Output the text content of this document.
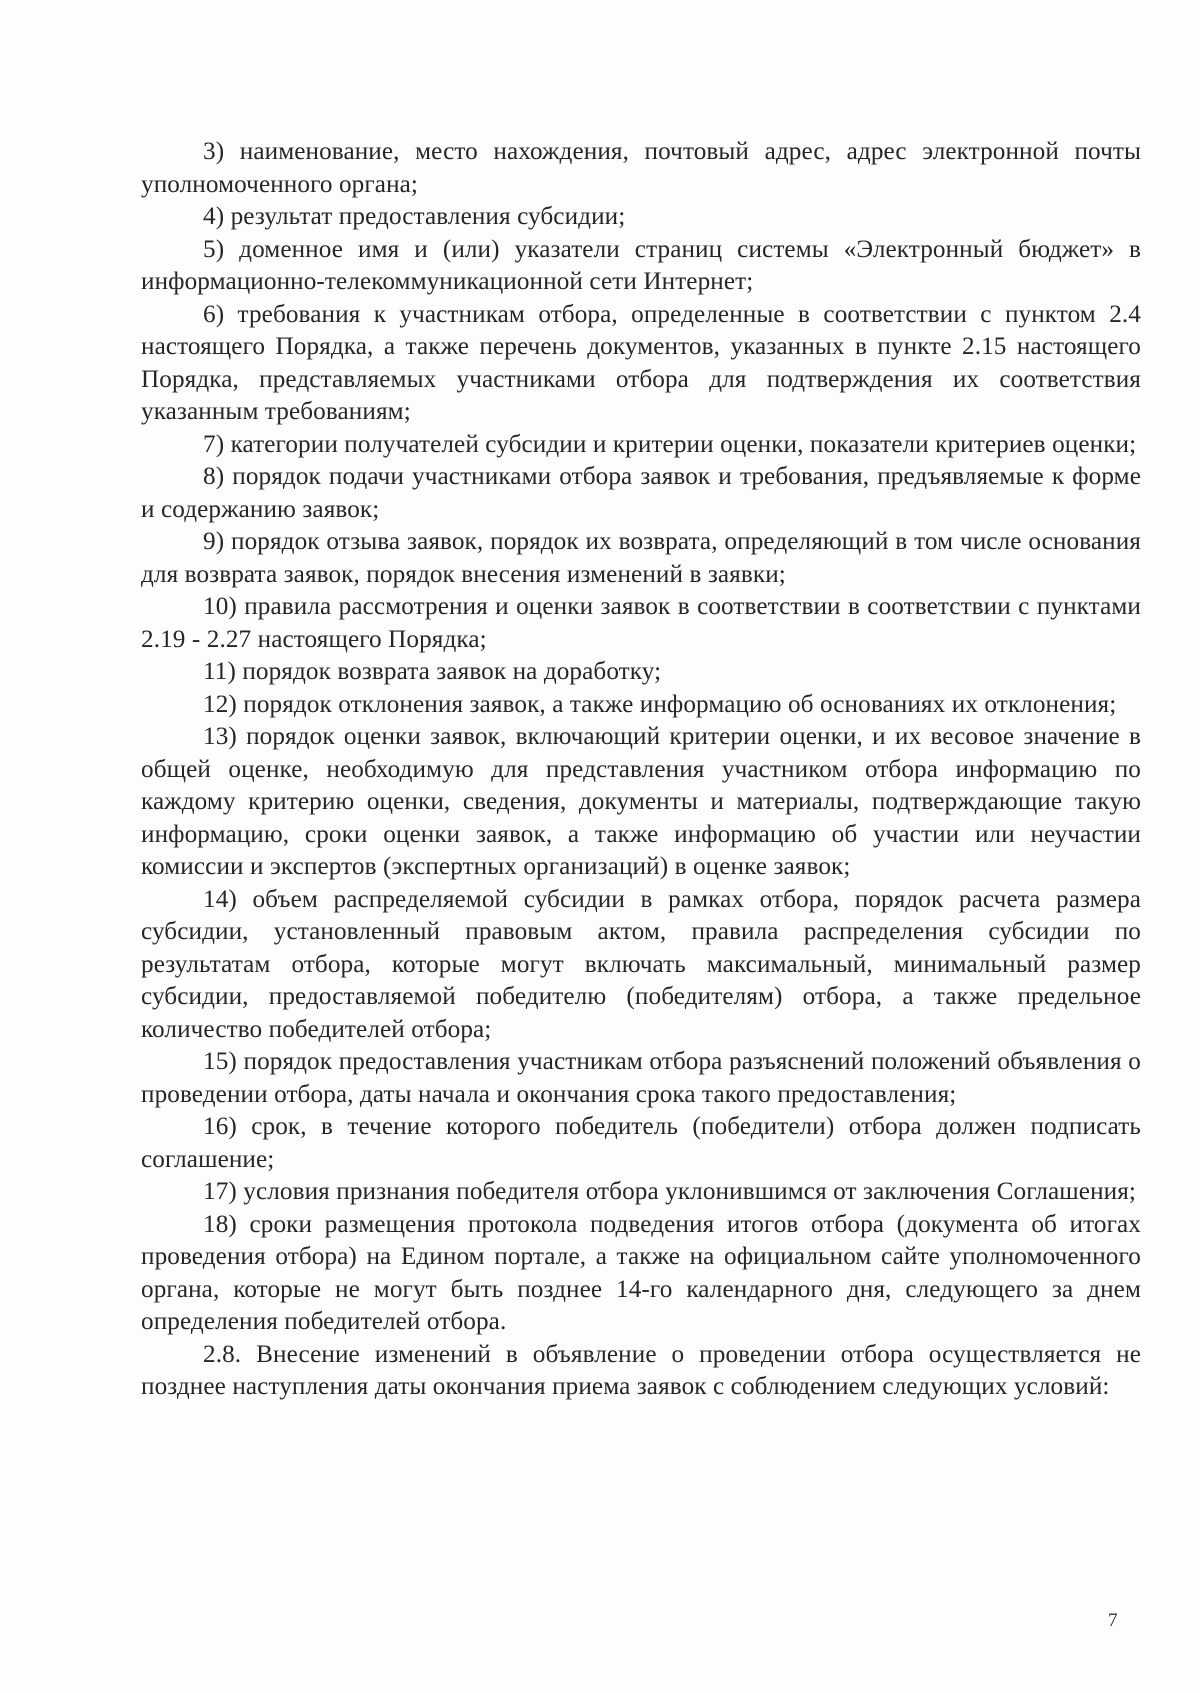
3) наименование, место нахождения, почтовый адрес, адрес электронной почты уполномоченного органа;

4) результат предоставления субсидии;

5) доменное имя и (или) указатели страниц системы «Электронный бюджет» в информационно-телекоммуникационной сети Интернет;

6) требования к участникам отбора, определенные в соответствии с пунктом 2.4 настоящего Порядка, а также перечень документов, указанных в пункте 2.15 настоящего Порядка, представляемых участниками отбора для подтверждения их соответствия указанным требованиям;

7) категории получателей субсидии и критерии оценки, показатели критериев оценки;

8) порядок подачи участниками отбора заявок и требования, предъявляемые к форме и содержанию заявок;

9) порядок отзыва заявок, порядок их возврата, определяющий в том числе основания для возврата заявок, порядок внесения изменений в заявки;

10) правила рассмотрения и оценки заявок в соответствии в соответствии с пунктами 2.19 - 2.27 настоящего Порядка;

11) порядок возврата заявок на доработку;

12) порядок отклонения заявок, а также информацию об основаниях их отклонения;

13) порядок оценки заявок, включающий критерии оценки, и их весовое значение в общей оценке, необходимую для представления участником отбора информацию по каждому критерию оценки, сведения, документы и материалы, подтверждающие такую информацию, сроки оценки заявок, а также информацию об участии или неучастии комиссии и экспертов (экспертных организаций) в оценке заявок;

14) объем распределяемой субсидии в рамках отбора, порядок расчета размера субсидии, установленный правовым актом, правила распределения субсидии по результатам отбора, которые могут включать максимальный, минимальный размер субсидии, предоставляемой победителю (победителям) отбора, а также предельное количество победителей отбора;

15) порядок предоставления участникам отбора разъяснений положений объявления о проведении отбора, даты начала и окончания срока такого предоставления;

16) срок, в течение которого победитель (победители) отбора должен подписать соглашение;

17) условия признания победителя отбора уклонившимся от заключения Соглашения;

18) сроки размещения протокола подведения итогов отбора (документа об итогах проведения отбора) на Едином портале, а также на официальном сайте уполномоченного органа, которые не могут быть позднее 14-го календарного дня, следующего за днем определения победителей отбора.

2.8. Внесение изменений в объявление о проведении отбора осуществляется не позднее наступления даты окончания приема заявок с соблюдением следующих условий:

7
